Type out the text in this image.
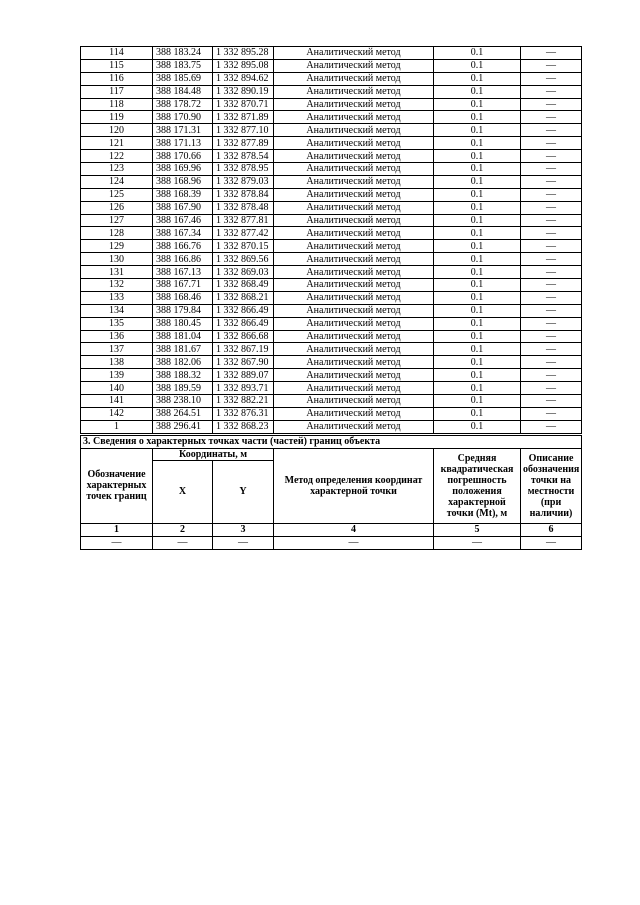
114	388 183.24	1 332 895.28	Аналитический метод	0.1	—
115	388 183.75	1 332 895.08	Аналитический метод	0.1	—
116	388 185.69	1 332 894.62	Аналитический метод	0.1	—
117	388 184.48	1 332 890.19	Аналитический метод	0.1	—
118	388 178.72	1 332 870.71	Аналитический метод	0.1	—
119	388 170.90	1 332 871.89	Аналитический метод	0.1	—
120	388 171.31	1 332 877.10	Аналитический метод	0.1	—
121	388 171.13	1 332 877.89	Аналитический метод	0.1	—
122	388 170.66	1 332 878.54	Аналитический метод	0.1	—
123	388 169.96	1 332 878.95	Аналитический метод	0.1	—
124	388 168.96	1 332 879.03	Аналитический метод	0.1	—
125	388 168.39	1 332 878.84	Аналитический метод	0.1	—
126	388 167.90	1 332 878.48	Аналитический метод	0.1	—
127	388 167.46	1 332 877.81	Аналитический метод	0.1	—
128	388 167.34	1 332 877.42	Аналитический метод	0.1	—
129	388 166.76	1 332 870.15	Аналитический метод	0.1	—
130	388 166.86	1 332 869.56	Аналитический метод	0.1	—
131	388 167.13	1 332 869.03	Аналитический метод	0.1	—
132	388 167.71	1 332 868.49	Аналитический метод	0.1	—
133	388 168.46	1 332 868.21	Аналитический метод	0.1	—
134	388 179.84	1 332 866.49	Аналитический метод	0.1	—
135	388 180.45	1 332 866.49	Аналитический метод	0.1	—
136	388 181.04	1 332 866.68	Аналитический метод	0.1	—
137	388 181.67	1 332 867.19	Аналитический метод	0.1	—
138	388 182.06	1 332 867.90	Аналитический метод	0.1	—
139	388 188.32	1 332 889.07	Аналитический метод	0.1	—
140	388 189.59	1 332 893.71	Аналитический метод	0.1	—
141	388 238.10	1 332 882.21	Аналитический метод	0.1	—
142	388 264.51	1 332 876.31	Аналитический метод	0.1	—
1	388 296.41	1 332 868.23	Аналитический метод	0.1	—
3. Сведения о характерных точках части (частей) границ объекта					
Обозначение характерных точек границ	Координаты, м		Метод определения координат характерной точки	Средняя квадратическая погрешность положения характерной точки (Mt), м	Описание обозначения точки на местности (при наличии)
	X	Y			
1	2	3	4	5	6
—	—	—	—	—	—
